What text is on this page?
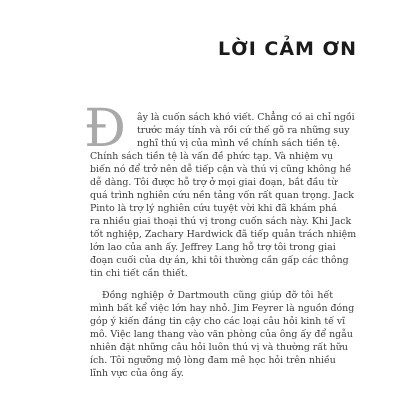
LỜI CẢM ƠN
Đ ây là cuốn sách khó viết. Chẳng có ai chỉ ngồi
trước máy tính và rồi cứ thế gõ ra những suy
nghĩ thú vị của mình về chính sách tiền tệ.
Chính sách tiền tệ là vấn đề phức tạp. Và nhiệm vụ
biến nó để trở nên dễ tiếp cận và thú vị cũng không hề
dễ dàng. Tôi được hỗ trợ ở mọi giai đoạn, bắt đầu từ
quá trình nghiên cứu nền tảng vốn rất quan trọng. Jack
Pinto là trợ lý nghiên cứu tuyệt vời khi đã khám phá
ra nhiều giai thoại thú vị trong cuốn sách này. Khi Jack
tốt nghiệp, Zachary Hardwick đã tiếp quản trách nhiệm
lớn lao của anh ấy. Jeffrey Lang hỗ trợ tôi trong giai
đoạn cuối của dự án, khi tôi thường cần gấp các thông
tin chi tiết cần thiết.
Đồng nghiệp ở Dartmouth cũng giúp đỡ tôi hết
mình bất kể việc lớn hay nhỏ. Jim Feyrer là nguồn đóng
góp ý kiến đáng tin cậy cho các loại câu hỏi kinh tế vĩ
mô. Việc lang thang vào văn phòng của ông ấy để ngẫu
nhiên đặt những câu hỏi luôn thú vị và thường rất hữu
ích. Tôi ngưỡng mộ lòng đam mê học hỏi trên nhiều
lĩnh vực của ông ấy.
